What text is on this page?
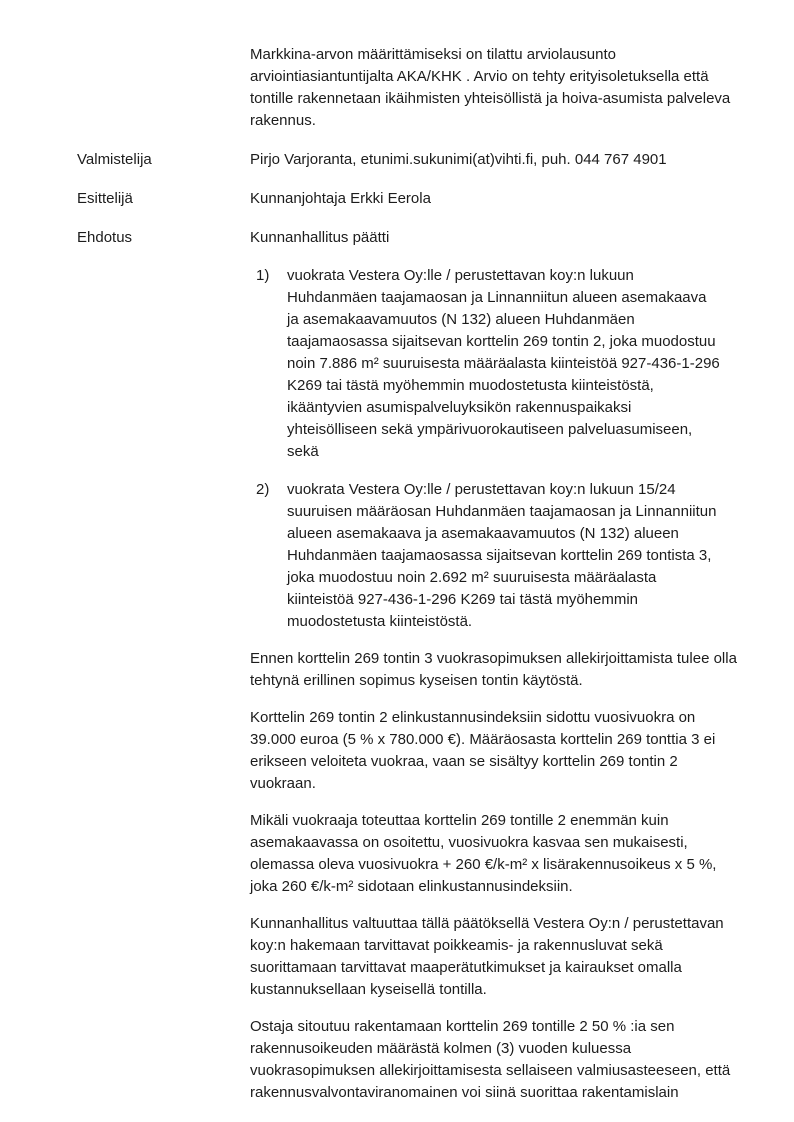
Markkina-arvon määrittämiseksi on tilattu arviolausunto arviointiasiantuntijalta AKA/KHK . Arvio on tehty erityisoletuksella että tontille rakennetaan ikäihmisten yhteisöllistä ja hoiva-asumista palveleva rakennus.

Valmistelija	Pirjo Varjoranta, etunimi.sukunimi(at)vihti.fi, puh. 044 767 4901
Esittelijä	Kunnanjohtaja Erkki Eerola
Ehdotus	Kunnanhallitus päätti
1)	vuokrata Vestera Oy:lle / perustettavan koy:n lukuun Huhdanmäen taajamaosan ja Linnanniitun alueen asemakaava ja asemakaavamuutos (N 132) alueen Huhdanmäen taajamaosassa sijaitsevan korttelin 269 tontin 2, joka muodostuu noin 7.886 m² suuruisesta määräalasta kiinteistöä 927-436-1-296 K269 tai tästä myöhemmin muodostetusta kiinteistöstä, ikääntyvien asumispalveluyksikön rakennuspaikaksi yhteisölliseen sekä ympärivuorokautiseen palveluasumiseen, sekä

2)	vuokrata Vestera Oy:lle / perustettavan koy:n lukuun 15/24 suuruisen määräosan Huhdanmäen taajamaosan ja Linnanniitun alueen asemakaava ja asemakaavamuutos (N 132) alueen Huhdanmäen taajamaosassa sijaitsevan korttelin 269 tontista 3, joka muodostuu noin 2.692 m² suuruisesta määräalasta kiinteistöä 927-436-1-296 K269 tai tästä myöhemmin muodostetusta kiinteistöstä.

Ennen korttelin 269 tontin 3 vuokrasopimuksen allekirjoittamista tulee olla tehtynä erillinen sopimus kyseisen tontin käytöstä.

Korttelin 269 tontin 2 elinkustannusindeksiin sidottu vuosivuokra on 39.000 euroa (5 % x 780.000 €). Määräosasta korttelin 269 tonttia 3 ei erikseen veloiteta vuokraa, vaan se sisältyy korttelin 269 tontin 2 vuokraan.

Mikäli vuokraaja toteuttaa korttelin 269 tontille 2 enemmän kuin asemakaavassa on osoitettu, vuosivuokra kasvaa sen mukaisesti, olemassa oleva vuosivuokra + 260 €/k-m² x lisärakennusoikeus x 5 %, joka 260 €/k-m² sidotaan elinkustannusindeksiin.

Kunnanhallitus valtuuttaa tällä päätöksellä Vestera Oy:n / perustettavan koy:n hakemaan tarvittavat poikkeamis- ja rakennusluvat sekä suorittamaan tarvittavat maaperätutkimukset ja kairaukset omalla kustannuksellaan kyseisellä tontilla.

Ostaja sitoutuu rakentamaan korttelin 269 tontille 2 50 % :ia sen rakennusoikeuden määrästä kolmen (3) vuoden kuluessa vuokrasopimuksen allekirjoittamisesta sellaiseen valmiusasteeseen, että rakennusvalvontaviranomainen voi siinä suorittaa rakentamislain
